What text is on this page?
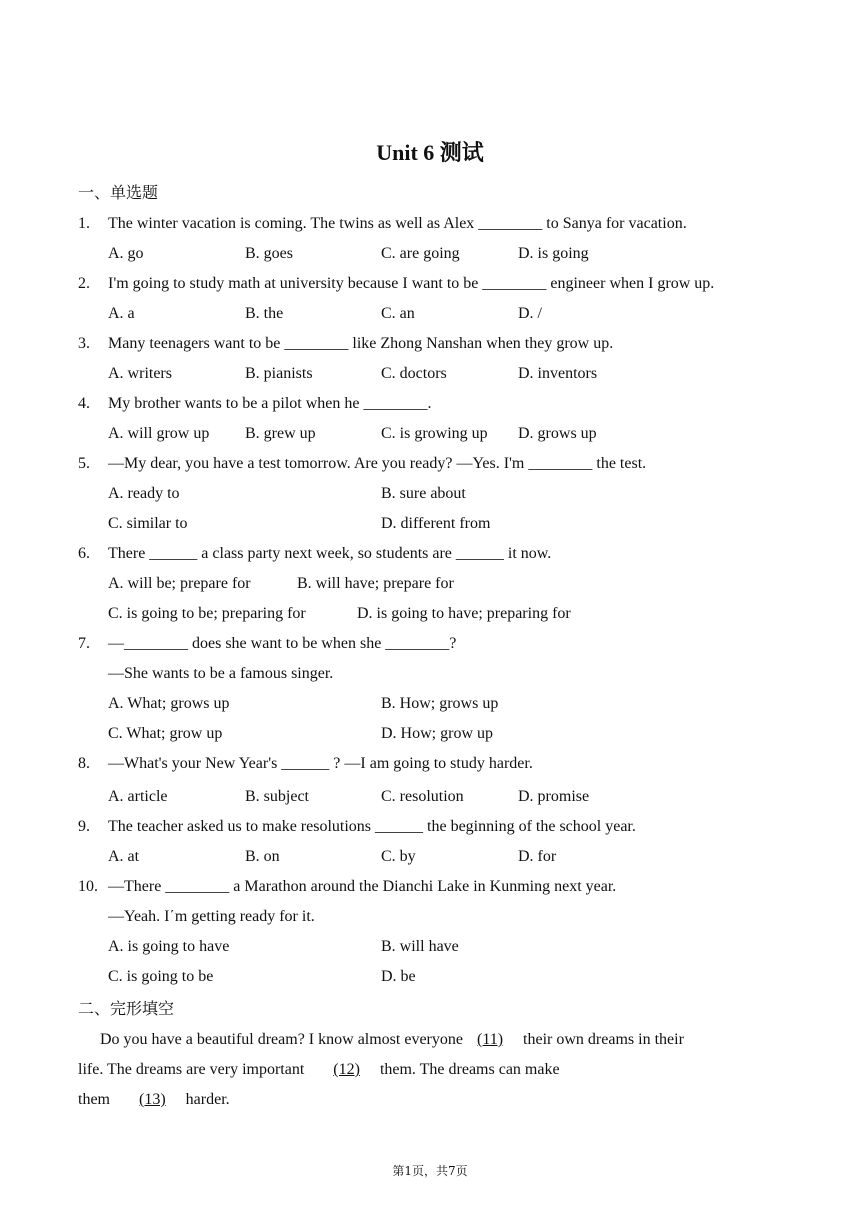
Unit 6 测试
一、单选题
1. The winter vacation is coming. The twins as well as Alex ________ to Sanya for vacation.
A. go	B. goes	C. are going	D. is going
2. I'm going to study math at university because I want to be ________ engineer when I grow up.
A. a	B. the	C. an	D. /
3. Many teenagers want to be ________ like Zhong Nanshan when they grow up.
A. writers	B. pianists	C. doctors	D. inventors
4. My brother wants to be a pilot when he ________.
A. will grow up B. grew up	C. is growing up D. grows up
5. —My dear, you have a test tomorrow. Are you ready? —Yes. I'm ________ the test.
A. ready to	B. sure about
C. similar to	D. different from
6. There ______ a class party next week, so students are ______ it now.
A. will be; prepare for	B. will have; prepare for
C. is going to be; preparing for	D. is going to have; preparing for
7. —________ does she want to be when she ________?
—She wants to be a famous singer.
A. What; grows up	B. How; grows up
C. What; grow up	D. How; grow up
8. —What's your New Year's ______ ? —I am going to study harder.
A. article	B. subject	C. resolution	D. promise
9. The teacher asked us to make resolutions ______ the beginning of the school year.
A. at	B. on	C. by	D. for
10. —There ________ a Marathon around the Dianchi Lake in Kunming next year.
—Yeah. I΄m getting ready for it.
A. is going to have	B. will have
C. is going to be	D. be
二、完形填空
Do you have a beautiful dream? I know almost everyone (11) their own dreams in their
life. The dreams are very important (12) them. The dreams can make
them (13) harder.
第1页，共7页
